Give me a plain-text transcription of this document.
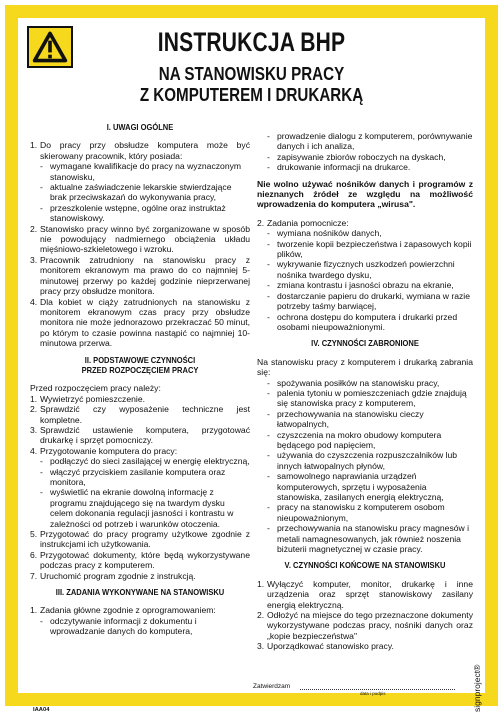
INSTRUKCJA BHP
NA STANOWISKU PRACY
Z KOMPUTEREM I DRUKARKĄ
I. UWAGI OGÓLNE
1. Do pracy przy obsłudze komputera może być skierowany pracownik, który posiada:
- wymagane kwalifikacje do pracy na wyznaczonym stanowisku,
- aktualne zaświadczenie lekarskie stwierdzające brak przeciwskazań do wykonywania pracy,
- przeszkolenie wstępne, ogólne oraz instruktaż stanowiskowy.
2. Stanowisko pracy winno być zorganizowane w sposób nie powodujący nadmiernego obciążenia układu mięśniowo-szkieletowego i wzroku.
3. Pracownik zatrudniony na stanowisku pracy z monitorem ekranowym ma prawo do co najmniej 5-minutowej przerwy po każdej godzinie nieprzerwanej pracy przy obsłudze monitora.
4. Dla kobiet w ciąży zatrudnionych na stanowisku z monitorem ekranowym czas pracy przy obsłudze monitora nie może jednorazowo przekraczać 50 minut, po którym to czasie powinna nastąpić co najmniej 10-minutowa przerwa.
II. PODSTAWOWE CZYNNOŚCI
PRZED ROZPOCZĘCIEM PRACY
Przed rozpoczęciem pracy należy:
1. Wywietrzyć pomieszczenie.
2. Sprawdzić czy wyposażenie techniczne jest kompletne.
3. Sprawdzić ustawienie komputera, przygotować drukarkę i sprzęt pomocniczy.
4. Przygotowanie komputera do pracy:
- podłączyć do sieci zasilającej w energię elektryczną,
- włączyć przyciskiem zasilanie komputera oraz monitora,
- wyświetlić na ekranie dowolną informację z programu znajdującego się na twardym dysku celem dokonania regulacji jasności i kontrastu w zależności od potrzeb i warunków otoczenia.
5. Przygotować do pracy programy użytkowe zgodnie z instrukcjami ich użytkowania.
6. Przygotować dokumenty, które będą wykorzystywane podczas pracy z komputerem.
7. Uruchomić program zgodnie z instrukcją.
III. ZADANIA WYKONYWANE NA STANOWISKU
1. Zadania główne zgodnie z oprogramowaniem:
- odczytywanie informacji z dokumentu i wprowadzanie danych do komputera,
- prowadzenie dialogu z komputerem, porównywanie danych i ich analiza,
- zapisywanie zbiorów roboczych na dyskach,
- drukowanie informacji na drukarce.
Nie wolno używać nośników danych i programów z nieznanych źródeł ze względu na możliwość wprowadzenia do komputera „wirusa".
2. Zadania pomocnicze:
- wymiana nośników danych,
- tworzenie kopii bezpieczeństwa i zapasowych kopii plików,
- wykrywanie fizycznych uszkodzeń powierzchni nośnika twardego dysku,
- zmiana kontrastu i jasności obrazu na ekranie,
- dostarczanie papieru do drukarki, wymiana w razie potrzeby taśmy barwiącej,
- ochrona dostępu do komputera i drukarki przed osobami nieupoważnionymi.
IV. CZYNNOŚCI ZABRONIONE
Na stanowisku pracy z komputerem i drukarką zabrania się:
- spożywania posiłków na stanowisku pracy,
- palenia tytoniu w pomieszczeniach gdzie znajdują się stanowiska pracy z komputerem,
- przechowywania na stanowisku cieczy łatwopalnych,
- czyszczenia na mokro obudowy komputera będącego pod napięciem,
- używania do czyszczenia rozpuszczalników lub innych łatwopalnych płynów,
- samowolnego naprawiania urządzeń komputerowych, sprzętu i wyposażenia stanowiska, zasilanych energią elektryczną,
- pracy na stanowisku z komputerem osobom nieupoważnionym,
- przechowywania na stanowisku pracy magnesów i metali namagnesowanych, jak również noszenia biżuterii magnetycznej w czasie pracy.
V. CZYNNOŚCI KOŃCOWE NA STANOWISKU
1. Wyłączyć komputer, monitor, drukarkę i inne urządzenia oraz sprzęt stanowiskowy zasilany energią elektryczną.
2. Odłożyć na miejsce do tego przeznaczone dokumenty wykorzystywane podczas pracy, nośniki danych oraz „kopie bezpieczeństwa"
3. Uporządkować stanowisko pracy.
Zatwierdzam
data i podpis
IAA04	signproject®
